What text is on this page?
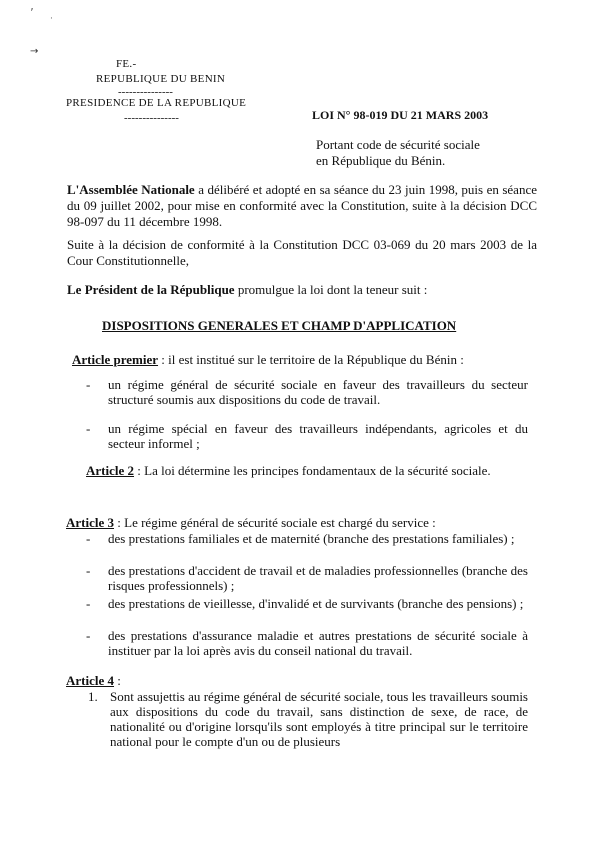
’ ·
→
FE.-
REPUBLIQUE DU BENIN
---------------
PRESIDENCE DE LA REPUBLIQUE
---------------	LOI N° 98-019 DU 21 MARS 2003
Portant code de sécurité sociale
en République du Bénin.
L'Assemblée Nationale a délibéré et adopté en sa séance du 23 juin 1998, puis en séance du 09 juillet 2002, pour mise en conformité avec la Constitution, suite à la décision DCC 98-097 du 11 décembre 1998.
Suite à la décision de conformité à la Constitution DCC 03-069 du 20 mars 2003 de la Cour Constitutionnelle,
Le Président de la République promulgue la loi dont la teneur suit :
DISPOSITIONS GENERALES ET CHAMP D'APPLICATION
Article premier : il est institué sur le territoire de la République du Bénin :
- un régime général de sécurité sociale en faveur des travailleurs du secteur structuré soumis aux dispositions du code de travail.
- un régime spécial en faveur des travailleurs indépendants, agricoles et du secteur informel ;
Article 2 : La loi détermine les principes fondamentaux de la sécurité sociale.
Article 3 : Le régime général de sécurité sociale est chargé du service :
- des prestations familiales et de maternité (branche des prestations familiales) ;
- des prestations d'accident de travail et de maladies professionnelles (branche des risques professionnels) ;
- des prestations de vieillesse, d'invalidé et de survivants (branche des pensions) ;
- des prestations d'assurance maladie et autres prestations de sécurité sociale à instituer par la loi après avis du conseil national du travail.
Article 4 :
1. Sont assujettis au régime général de sécurité sociale, tous les travailleurs soumis aux dispositions du code du travail, sans distinction de sexe, de race, de nationalité ou d'origine lorsqu'ils sont employés à titre principal sur le territoire national pour le compte d'un ou de plusieurs
